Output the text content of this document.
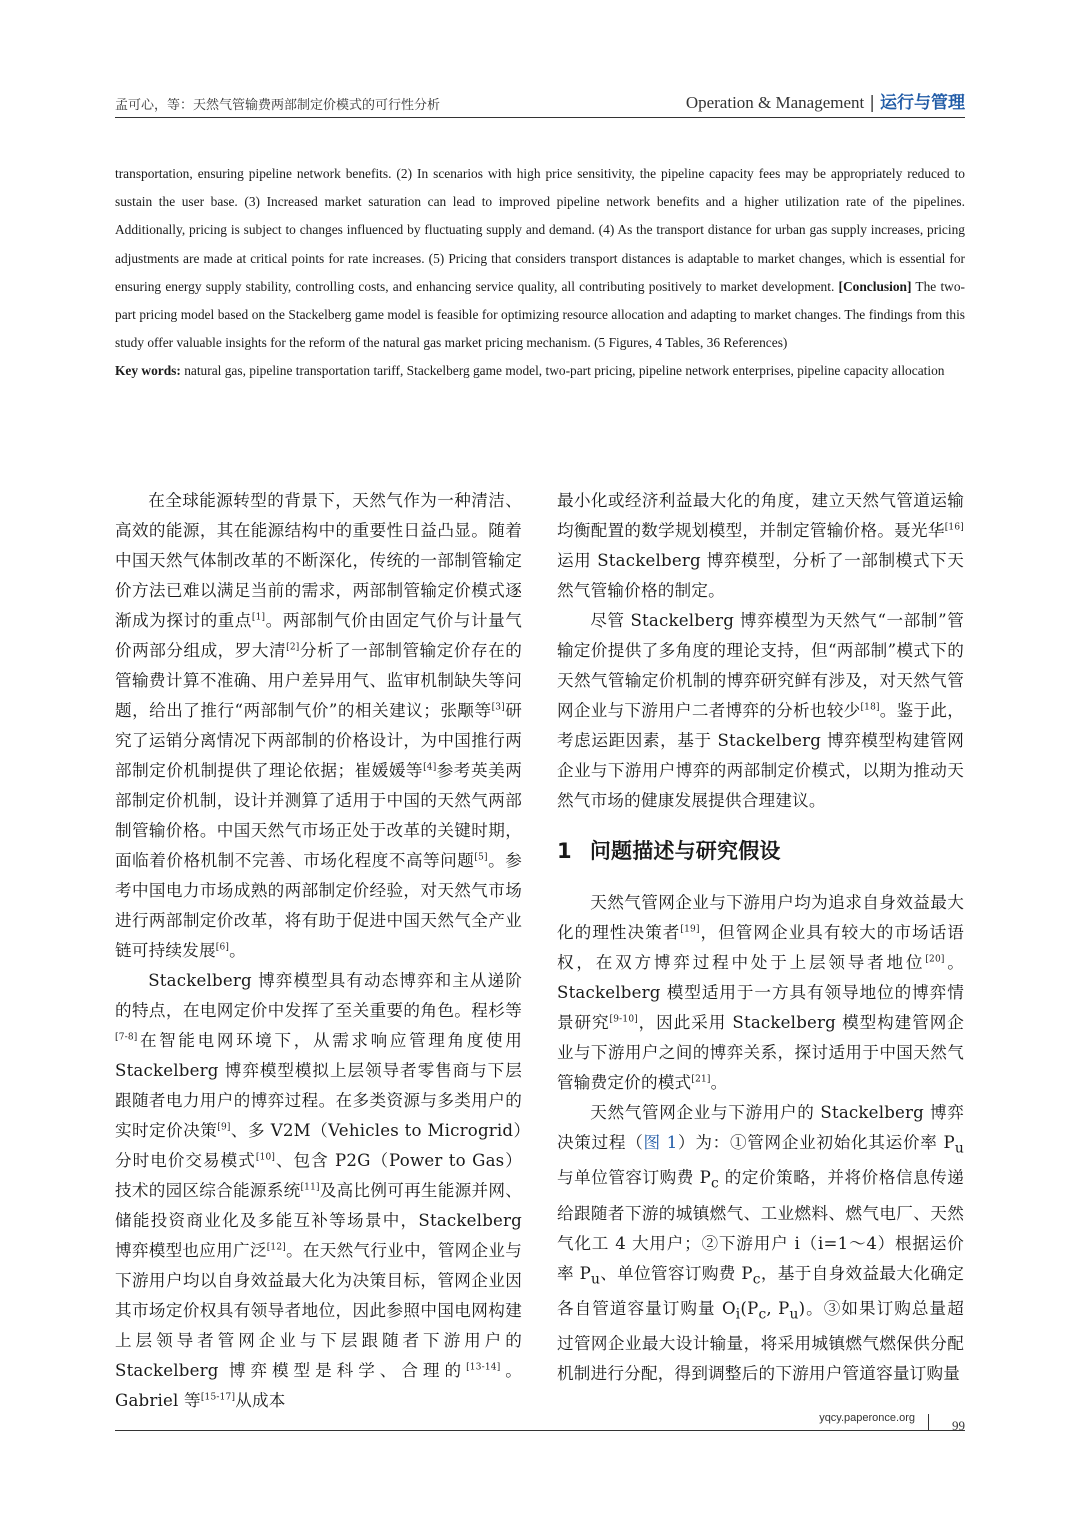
孟可心，等：天然气管输费两部制定价模式的可行性分析	Operation & Management | 运行与管理

transportation, ensuring pipeline network benefits. (2) In scenarios with high price sensitivity, the pipeline capacity fees may be appropriately reduced to sustain the user base. (3) Increased market saturation can lead to improved pipeline network benefits and a higher utilization rate of the pipelines. Additionally, pricing is subject to changes influenced by fluctuating supply and demand. (4) As the transport distance for urban gas supply increases, pricing adjustments are made at critical points for rate increases. (5) Pricing that considers transport distances is adaptable to market changes, which is essential for ensuring energy supply stability, controlling costs, and enhancing service quality, all contributing positively to market development. [Conclusion] The two-part pricing model based on the Stackelberg game model is feasible for optimizing resource allocation and adapting to market changes. The findings from this study offer valuable insights for the reform of the natural gas market pricing mechanism. (5 Figures, 4 Tables, 36 References)

Key words: natural gas, pipeline transportation tariff, Stackelberg game model, two-part pricing, pipeline network enterprises, pipeline capacity allocation

在全球能源转型的背景下，天然气作为一种清洁、高效的能源，其在能源结构中的重要性日益凸显。随着中国天然气体制改革的不断深化，传统的一部制管输定价方法已难以满足当前的需求，两部制管输定价模式逐渐成为探讨的重点[1]。两部制气价由固定气价与计量气价两部分组成，罗大清[2]分析了一部制管输定价存在的管输费计算不准确、用户差异用气、监审机制缺失等问题，给出了推行“两部制气价”的相关建议；张颙等[3]研究了运销分离情况下两部制的价格设计，为中国推行两部制定价机制提供了理论依据；崔媛媛等[4]参考英美两部制定价机制，设计并测算了适用于中国的天然气两部制管输价格。中国天然气市场正处于改革的关键时期，面临着价格机制不完善、市场化程度不高等问题[5]。参考中国电力市场成熟的两部制定价经验，对天然气市场进行两部制定价改革，将有助于促进中国天然气全产业链可持续发展[6]。

Stackelberg 博弈模型具有动态博弈和主从递阶的特点，在电网定价中发挥了至关重要的角色。程杉等[7-8]在智能电网环境下，从需求响应管理角度使用 Stackelberg 博弈模型模拟上层领导者零售商与下层跟随者电力用户的博弈过程。在多类资源与多类用户的实时定价决策[9]、多 V2M（Vehicles to Microgrid）分时电价交易模式[10]、包含 P2G（Power to Gas）技术的园区综合能源系统[11]及高比例可再生能源并网、储能投资商业化及多能互补等场景中，Stackelberg 博弈模型也应用广泛[12]。在天然气行业中，管网企业与下游用户均以自身效益最大化为决策目标，管网企业因其市场定价权具有领导者地位，因此参照中国电网构建上层领导者管网企业与下层跟随者下游用户的 Stackelberg 博弈模型是科学、合理的[13-14]。Gabriel 等[15-17]从成本

最小化或经济利益最大化的角度，建立天然气管道运输均衡配置的数学规划模型，并制定管输价格。聂光华[16]运用 Stackelberg 博弈模型，分析了一部制模式下天然气管输价格的制定。

尽管 Stackelberg 博弈模型为天然气“一部制”管输定价提供了多角度的理论支持，但“两部制”模式下的天然气管输定价机制的博弈研究鲜有涉及，对天然气管网企业与下游用户二者博弈的分析也较少[18]。鉴于此，考虑运距因素，基于 Stackelberg 博弈模型构建管网企业与下游用户博弈的两部制定价模式，以期为推动天然气市场的健康发展提供合理建议。

1 问题描述与研究假设

天然气管网企业与下游用户均为追求自身效益最大化的理性决策者[19]，但管网企业具有较大的市场话语权，在双方博弈过程中处于上层领导者地位[20]。Stackelberg 模型适用于一方具有领导地位的博弈情景研究[9-10]，因此采用 Stackelberg 模型构建管网企业与下游用户之间的博弈关系，探讨适用于中国天然气管输费定价的模式[21]。

天然气管网企业与下游用户的 Stackelberg 博弈决策过程（图 1）为：①管网企业初始化其运价率 $P_u$ 与单位管容订购费 $P_c$ 的定价策略，并将价格信息传递给跟随者下游的城镇燃气、工业燃料、燃气电厂、天然气化工 4 大用户；②下游用户 i（i=1～4）根据运价率 $P_u$、单位管容订购费 $P_c$，基于自身效益最大化确定各自管道容量订购量 $O_i(P_c$, $P_u$)。③如果订购总量超过管网企业最大设计输量，将采用城镇燃气燃保供分配机制进行分配，得到调整后的下游用户管道容量订购量

yqcy.paperonce.org	99
